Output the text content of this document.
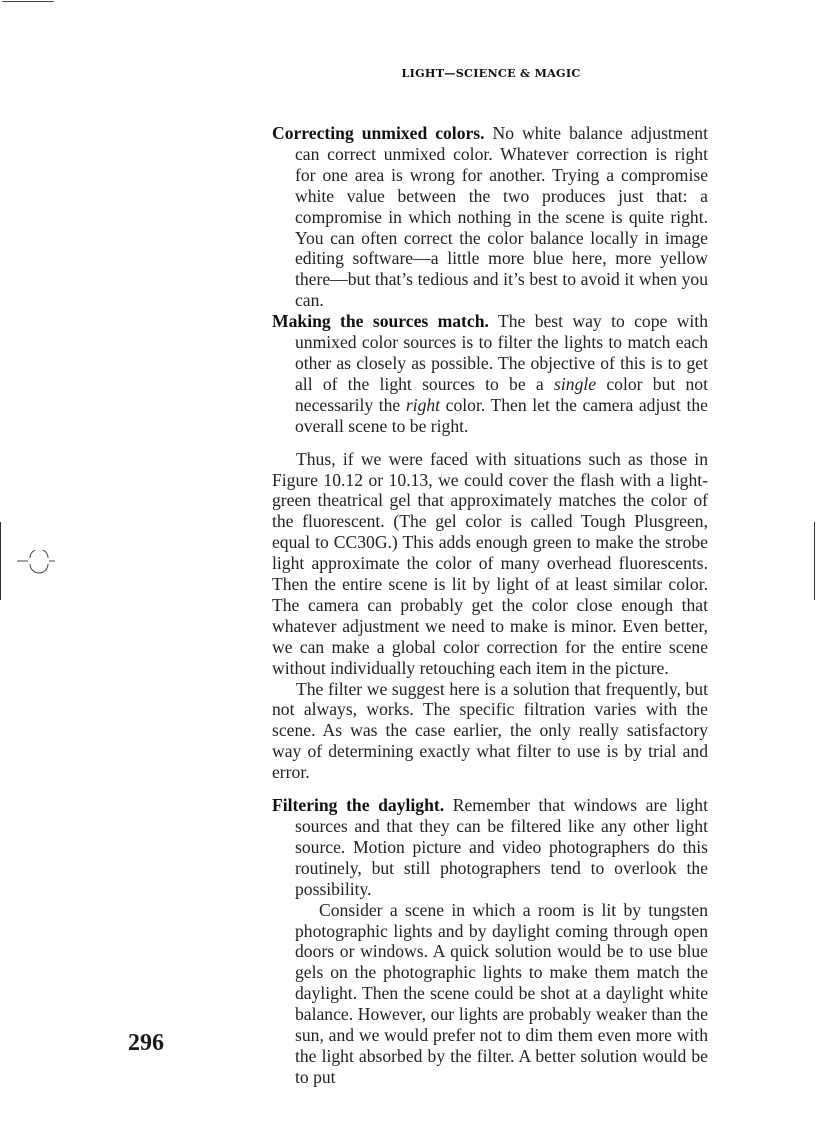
LIGHT—SCIENCE & MAGIC

Correcting unmixed colors. No white balance adjustment can correct unmixed color. Whatever correction is right for one area is wrong for another. Trying a compromise white value between the two produces just that: a compromise in which nothing in the scene is quite right. You can often correct the color balance locally in image editing software—a little more blue here, more yellow there—but that’s tedious and it’s best to avoid it when you can.

Making the sources match. The best way to cope with unmixed color sources is to filter the lights to match each other as closely as possible. The objective of this is to get all of the light sources to be a single color but not necessarily the right color. Then let the camera adjust the overall scene to be right.

Thus, if we were faced with situations such as those in Figure 10.12 or 10.13, we could cover the flash with a light-green theatrical gel that approximately matches the color of the fluorescent. (The gel color is called Tough Plusgreen, equal to CC30G.) This adds enough green to make the strobe light approximate the color of many overhead fluorescents. Then the entire scene is lit by light of at least similar color. The camera can probably get the color close enough that whatever adjustment we need to make is minor. Even better, we can make a global color correction for the entire scene without individually retouching each item in the picture.

The filter we suggest here is a solution that frequently, but not always, works. The specific filtration varies with the scene. As was the case earlier, the only really satisfactory way of determining exactly what filter to use is by trial and error.

Filtering the daylight. Remember that windows are light sources and that they can be filtered like any other light source. Motion picture and video photographers do this routinely, but still photographers tend to overlook the possibility.

Consider a scene in which a room is lit by tungsten photographic lights and by daylight coming through open doors or windows. A quick solution would be to use blue gels on the photographic lights to make them match the daylight. Then the scene could be shot at a daylight white balance. However, our lights are probably weaker than the sun, and we would prefer not to dim them even more with the light absorbed by the filter. A better solution would be to put

296
